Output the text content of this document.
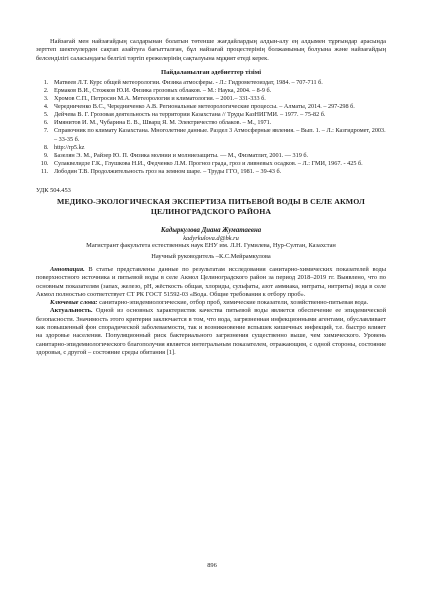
Найзағай мен найзағайдың салдарынан болатын төтенше жағдайлардың алдын-алу ең алдымен тұрғындар арасында зерттеп шектеулерден сақтап азайтуға бағытталған, бұл найзағай процестерінің болжамының болуына және найзағайдың белсенділігі саласындағы белгілі тәртіп ережелерінің сақталуына мұқият етеді керек.

Пайдаланылған әдебиеттер тізімі
1. Матвеев Л.Т. Курс общей метеорологии. Физика атмосферы. - Л.: Гидрометеоиздат, 1984. – 707-711 б.
2. Ермаков В.И., Стожков Ю.И. Физика грозовых облаков. – М.: Наука, 2004. – 8-9 б.
3. Хромов С.П., Петросян М.А. Метеорология и климатология. – 2001.– 331-333 б.
4. Чередниченко В.С., Чередниченко А.В. Региональные метеорологические процессы. – Алматы, 2014. – 297-298 б.
5. Дейчева В. Г. Грозовая деятельность на территории Казахстана // Труды КазНИГМИ. – 1977. – 75-82 б.
6. Имянитов И. М., Чубарина Е. В., Шварц Я. М. Электричество облаков. – М., 1971.
7. Справочник по климату Казахстана. Многолетние данные. Раздел 3 Атмосферные явления. – Вып. 1. – Л.: Казгидромет, 2003. – 33-35 б.
8. http://rp5.kz
9. Базелян Э. М., Райзер Ю. П. Физика молнии и молниезащиты. — М., Физматлит, 2001. — 319 б.
10. Сулаквелидзе Г.К., Глушкова Н.И., Федченко Л.М. Прогноз града, гроз и ливневых осадков. – Л.: ГМИ, 1967. - 425 б.
11. Лободин Т.В. Продолжительность гроз на земном шаре. – Труды ГГО, 1981. – 39-43 б.
УДК 504.453
МЕДИКО-ЭКОЛОГИЧЕСКАЯ ЭКСПЕРТИЗА ПИТЬЕВОЙ ВОДЫ В СЕЛЕ АКМОЛ ЦЕЛИНОГРАДСКОГО РАЙОНА
Кадыркулова Диана Жуматаевна
kadyrkulova.d@bk.ru
Магистрант факультета естественных наук ЕНУ им. Л.Н. Гумилева, Нур-Султан, Казахстан
Научный руководитель –К.С.Мейрамкулова

Аннотация. В статье представлены данные по результатам исследования санитарно-химических показателей воды поверхностного источника и питьевой воды в селе Акмол Целиноградского район за период 2018–2019 гг. Выявлено, что по основным показателям (запах, железо, pH, жёсткость общая, хлориды, сульфаты, азот аммиака, нитраты, нитриты) вода в селе Акмол полностью соответствует СТ РК ГОСТ 51592-03 «Вода. Общие требования к отбору проб».

Ключевые слова: санитарно-эпидемиологические, отбор проб, химические показатели, хозяйственно-питьевая вода.

Актуальность. Одной из основных характеристик качества питьевой воды является обеспечение ее эпидемической безопасности. Значимость этого критерия заключается в том, что вода, загрязненная инфекционными агентами, обуславливает как повышенный фон спорадической заболеваемости, так и возникновение вспышек кишечных инфекций, т.е. быстро влияет на здоровье населения. Популяционный риск бактериального загрязнения существенно выше, чем химического. Уровень санитарно-эпидемиологического благополучия является интегральным показателем, отражающим, с одной стороны, состояние здоровья, с другой – состояние среды обитания [1].

896
